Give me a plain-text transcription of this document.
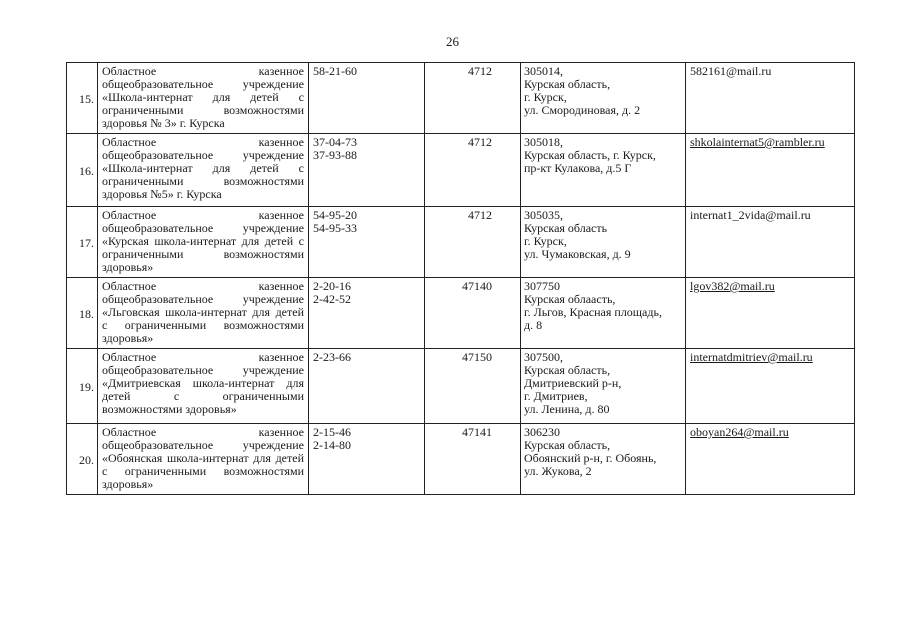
26
15.	Областное казенное общеобразовательное учреждение «Школа-интернат для детей с ограниченными возможностями здоровья № 3» г. Курска	58-21-60	4712	305014,
Курская область,
г. Курск,
ул. Смородиновая, д. 2	582161@mail.ru
16.	Областное казенное общеобразовательное учреждение «Школа-интернат для детей с ограниченными возможностями здоровья №5» г. Курска	37-04-73
37-93-88	4712	305018,
Курская область, г. Курск,
пр-кт Кулакова, д.5 Г	shkolainternat5@rambler.ru
17.	Областное казенное общеобразовательное учреждение «Курская школа-интернат для детей с ограниченными возможностями здоровья»	54-95-20
54-95-33	4712	305035,
Курская область
г. Курск,
ул. Чумаковская, д. 9	internat1_2vida@mail.ru
18.	Областное казенное общеобразовательное учреждение «Льговская школа-интернат для детей с ограниченными возможностями здоровья»	2-20-16
2-42-52	47140	307750
Курская облаасть,
г. Льгов, Красная площадь,
д. 8	lgov382@mail.ru
19.	Областное казенное общеобразовательное учреждение «Дмитриевская школа-интернат для детей с ограниченными возможностями здоровья»	2-23-66	47150	307500,
Курская область,
Дмитриевский р-н,
г. Дмитриев,
ул. Ленина, д. 80	internatdmitriev@mail.ru
20.	Областное казенное общеобразовательное учреждение «Обоянская школа-интернат для детей с ограниченными возможностями здоровья»	2-15-46
2-14-80	47141	306230
Курская область,
Обоянский р-н, г. Обоянь,
ул. Жукова, 2	oboyan264@mail.ru
